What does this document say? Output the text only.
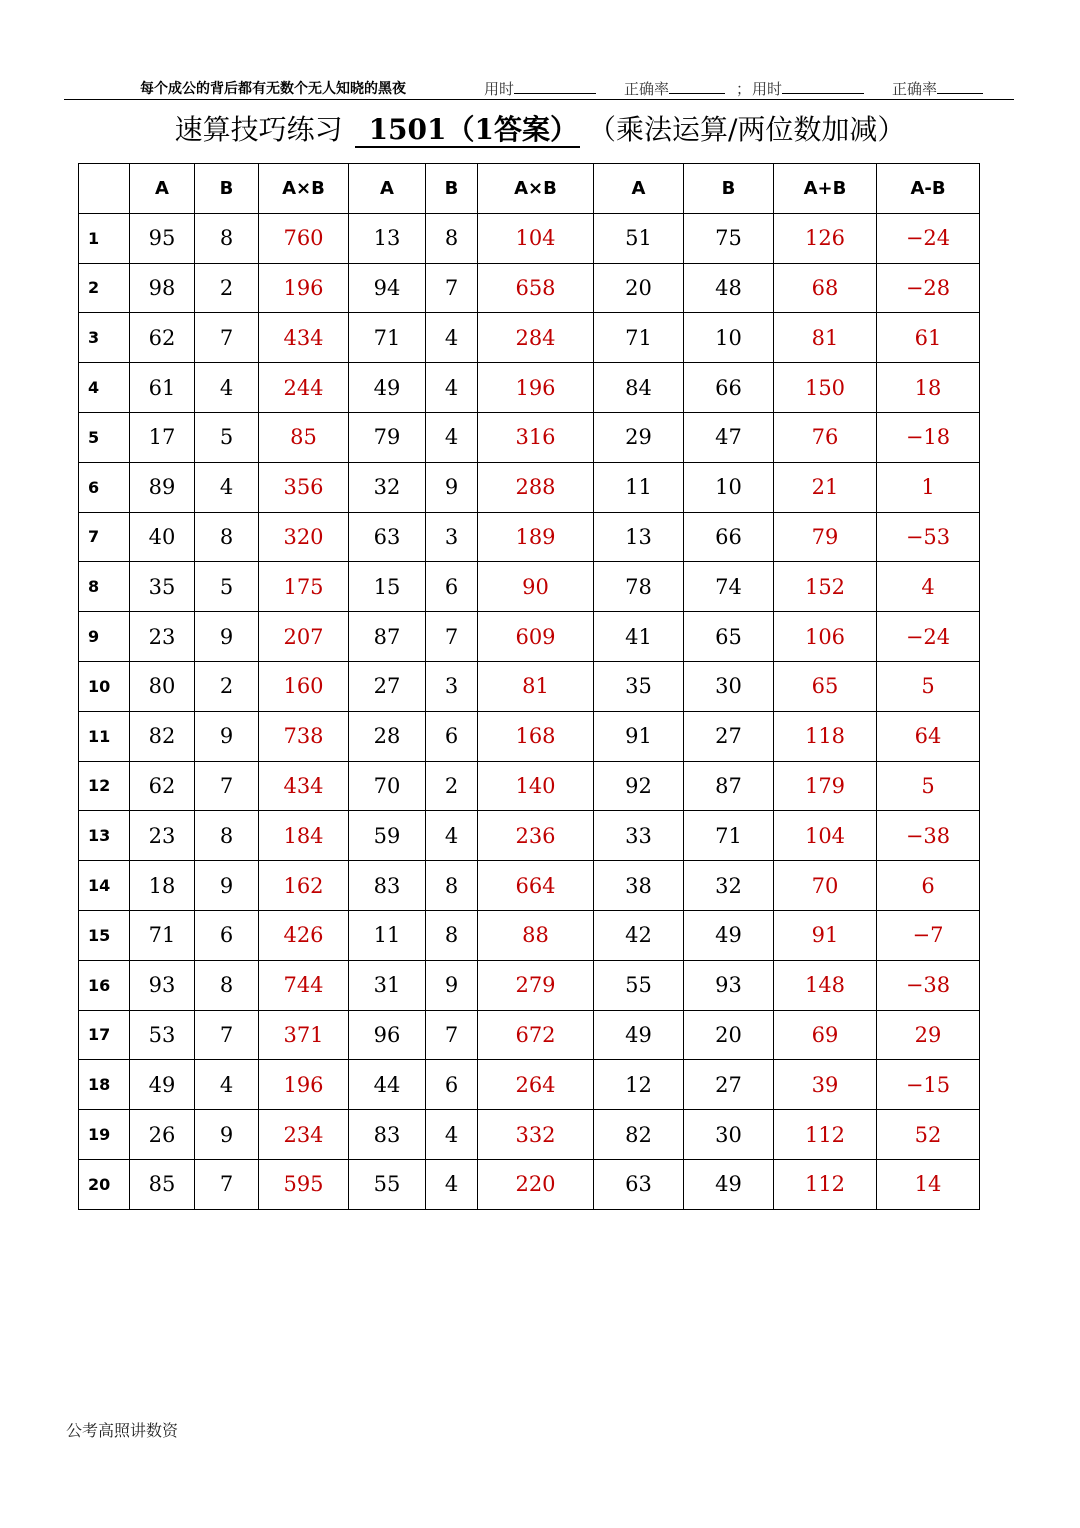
每个成公的背后都有无数个无人知晓的黑夜	用时	正确率	； 用时	正确率
速算技巧练习 1501（1答案） （乘法运算/两位数加减）
	A	B	A×B	A	B	A×B	A	B	A+B	A-B
1	95	8	760	13	8	104	51	75	126	−24
2	98	2	196	94	7	658	20	48	68	−28
3	62	7	434	71	4	284	71	10	81	61
4	61	4	244	49	4	196	84	66	150	18
5	17	5	85	79	4	316	29	47	76	−18
6	89	4	356	32	9	288	11	10	21	1
7	40	8	320	63	3	189	13	66	79	−53
8	35	5	175	15	6	90	78	74	152	4
9	23	9	207	87	7	609	41	65	106	−24
10	80	2	160	27	3	81	35	30	65	5
11	82	9	738	28	6	168	91	27	118	64
12	62	7	434	70	2	140	92	87	179	5
13	23	8	184	59	4	236	33	71	104	−38
14	18	9	162	83	8	664	38	32	70	6
15	71	6	426	11	8	88	42	49	91	−7
16	93	8	744	31	9	279	55	93	148	−38
17	53	7	371	96	7	672	49	20	69	29
18	49	4	196	44	6	264	12	27	39	−15
19	26	9	234	83	4	332	82	30	112	52
20	85	7	595	55	4	220	63	49	112	14
公考高照讲数资
